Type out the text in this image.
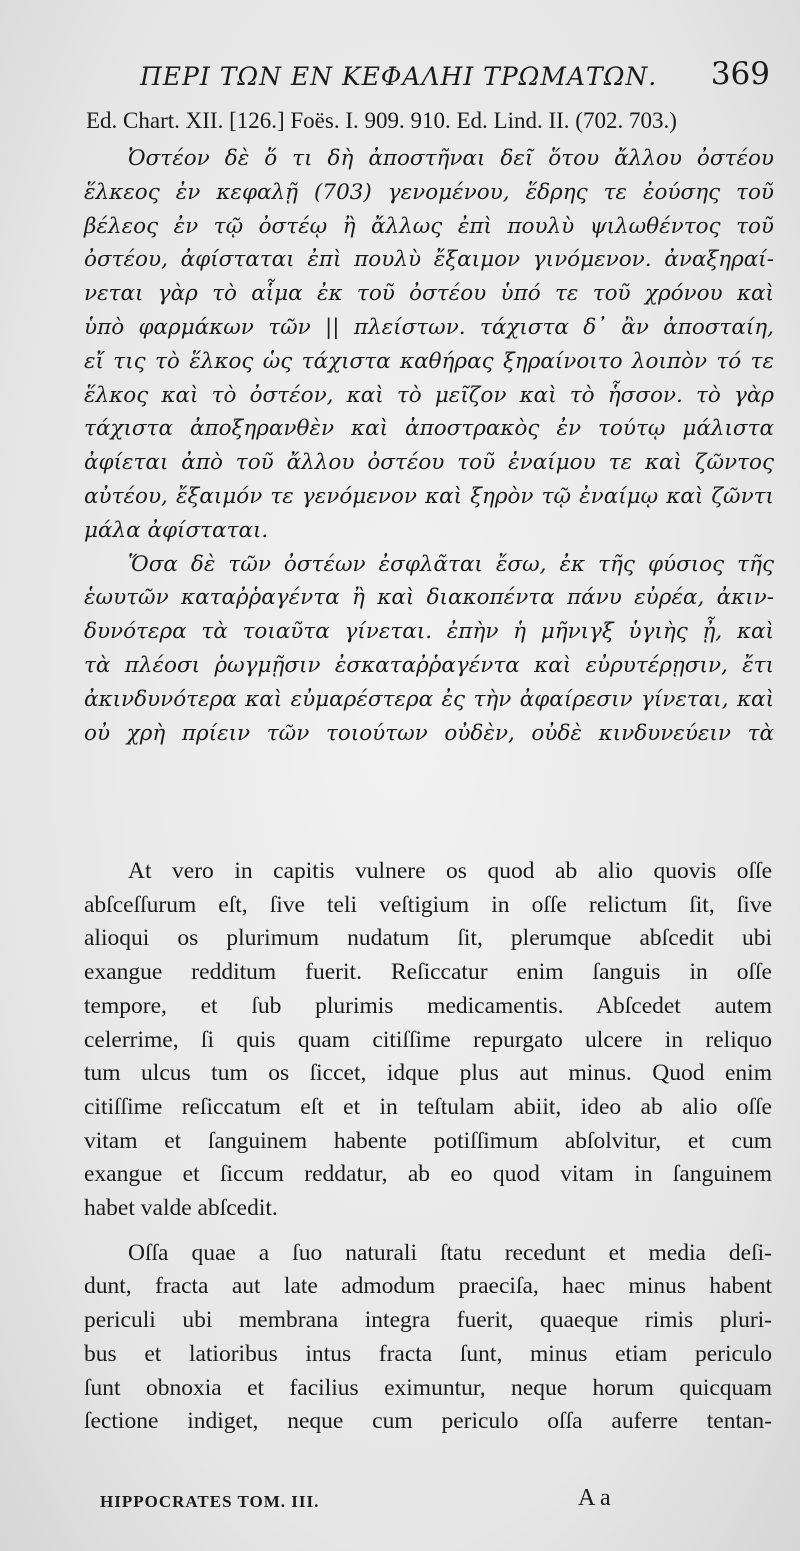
ΠΕΡΙ ΤΩΝ ΕΝ ΚΕΦΑΛΗΙ ΤΡΩΜΑΤΩΝ. 369
Ed. Chart. XII. [126.] Foës. I. 909. 910. Ed. Lind. II. (702. 703.)

Ὀστέον δὲ ὅ τι δὴ ἀποστῆναι δεῖ ὅτου ἄλλου ὀστέου
ἕλκεος ἐν κεφαλῇ (703) γενομένου, ἕδρης τε ἐούσης τοῦ
βέλεος ἐν τῷ ὀστέῳ ἢ ἄλλως ἐπὶ πουλὺ ψιλωθέντος τοῦ
ὀστέου, ἀφίσταται ἐπὶ πουλὺ ἔξαιμον γινόμενον. ἀναξηραί-
νεται γὰρ τὸ αἷμα ἐκ τοῦ ὀστέου ὑπό τε τοῦ χρόνου καὶ
ὑπὸ φαρμάκων τῶν || πλείστων. τάχιστα δ᾽ ἂν ἀποσταίη,
εἴ τις τὸ ἕλκος ὡς τάχιστα καθήρας ξηραίνοιτο λοιπὸν τό τε
ἕλκος καὶ τὸ ὀστέον, καὶ τὸ μεῖζον καὶ τὸ ἧσσον. τὸ γὰρ
τάχιστα ἀποξηρανθὲν καὶ ἀποστρακὸς ἐν τούτῳ μάλιστα
ἀφίεται ἀπὸ τοῦ ἄλλου ὀστέου τοῦ ἐναίμου τε καὶ ζῶντος
αὐτέου, ἔξαιμόν τε γενόμενον καὶ ξηρὸν τῷ ἐναίμῳ καὶ ζῶντι
μάλα ἀφίσταται.

Ὅσα δὲ τῶν ὀστέων ἐσφλᾶται ἔσω, ἐκ τῆς φύσιος τῆς
ἑωυτῶν καταῤῥαγέντα ἢ καὶ διακοπέντα πάνυ εὐρέα, ἀκιν-
δυνότερα τὰ τοιαῦτα γίνεται. ἐπὴν ἡ μῆνιγξ ὑγιὴς ᾖ, καὶ
τὰ πλέοσι ῥωγμῇσιν ἐσκαταῤῥαγέντα καὶ εὐρυτέρῃσιν, ἔτι
ἀκινδυνότερα καὶ εὐμαρέστερα ἐς τὴν ἀφαίρεσιν γίνεται, καὶ
οὐ χρὴ πρίειν τῶν τοιούτων οὐδὲν, οὐδὲ κινδυνεύειν τὰ

At vero in capitis vulnere os quod ab alio quovis oſſe
abſceſſurum eſt, ſive teli veſtigium in oſſe relictum ſit, ſive
alioqui os plurimum nudatum ſit, plerumque abſcedit ubi
exangue redditum fuerit. Reſiccatur enim ſanguis in oſſe
tempore, et ſub plurimis medicamentis. Abſcedet autem
celerrime, ſi quis quam citiſſime repurgato ulcere in reliquo
tum ulcus tum os ſiccet, idque plus aut minus. Quod enim
citiſſime reſiccatum eſt et in teſtulam abiit, ideo ab alio oſſe
vitam et ſanguinem habente potiſſimum abſolvitur, et cum
exangue et ſiccum reddatur, ab eo quod vitam in ſanguinem
habet valde abſcedit.
Oſſa quae a ſuo naturali ſtatu recedunt et media deſi-
dunt, fracta aut late admodum praeciſa, haec minus habent
periculi ubi membrana integra fuerit, quaeque rimis pluri-
bus et latioribus intus fracta ſunt, minus etiam periculo
ſunt obnoxia et facilius eximuntur, neque horum quicquam
ſectione indiget, neque cum periculo oſſa auferre tentan-
HIPPOCRATES TOM. III.	A a
